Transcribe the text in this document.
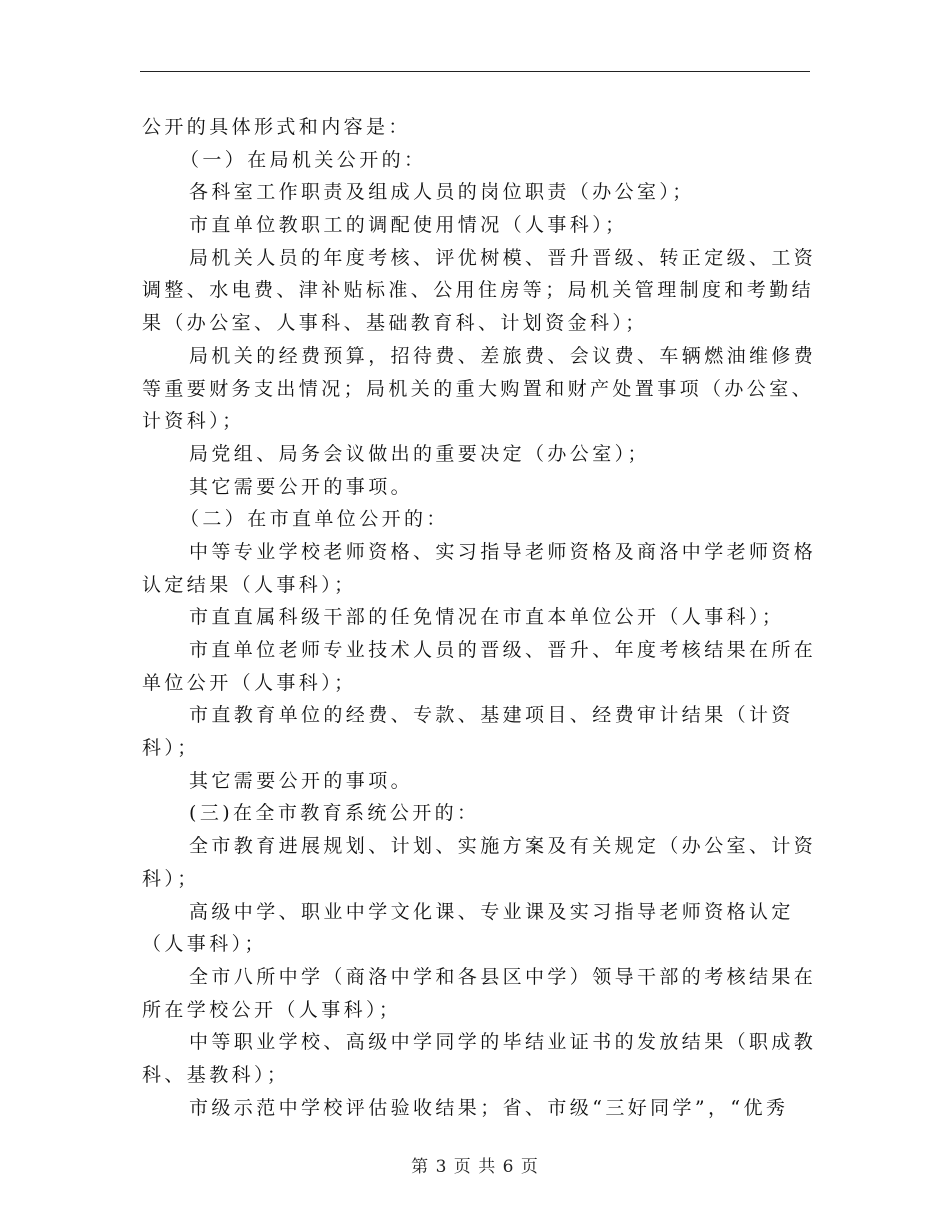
公开的具体形式和内容是：
（一）在局机关公开的：
各科室工作职责及组成人员的岗位职责（办公室）；
市直单位教职工的调配使用情况（人事科）；
局机关人员的年度考核、评优树模、晋升晋级、转正定级、工资
调整、水电费、津补贴标准、公用住房等；局机关管理制度和考勤结
果（办公室、人事科、基础教育科、计划资金科）；
局机关的经费预算，招待费、差旅费、会议费、车辆燃油维修费
等重要财务支出情况；局机关的重大购置和财产处置事项（办公室、
计资科）；
局党组、局务会议做出的重要决定（办公室）；
其它需要公开的事项。
（二）在市直单位公开的：
中等专业学校老师资格、实习指导老师资格及商洛中学老师资格
认定结果（人事科）；
市直直属科级干部的任免情况在市直本单位公开（人事科）；
市直单位老师专业技术人员的晋级、晋升、年度考核结果在所在
单位公开（人事科）；
市直教育单位的经费、专款、基建项目、经费审计结果（计资
科）；
其它需要公开的事项。
(三)在全市教育系统公开的：
全市教育进展规划、计划、实施方案及有关规定（办公室、计资
科）；
高级中学、职业中学文化课、专业课及实习指导老师资格认定
（人事科）；
全市八所中学（商洛中学和各县区中学）领导干部的考核结果在
所在学校公开（人事科）；
中等职业学校、高级中学同学的毕结业证书的发放结果（职成教
科、基教科）；
市级示范中学校评估验收结果；省、市级“三好同学”，“优秀
第 3 页 共 6 页
